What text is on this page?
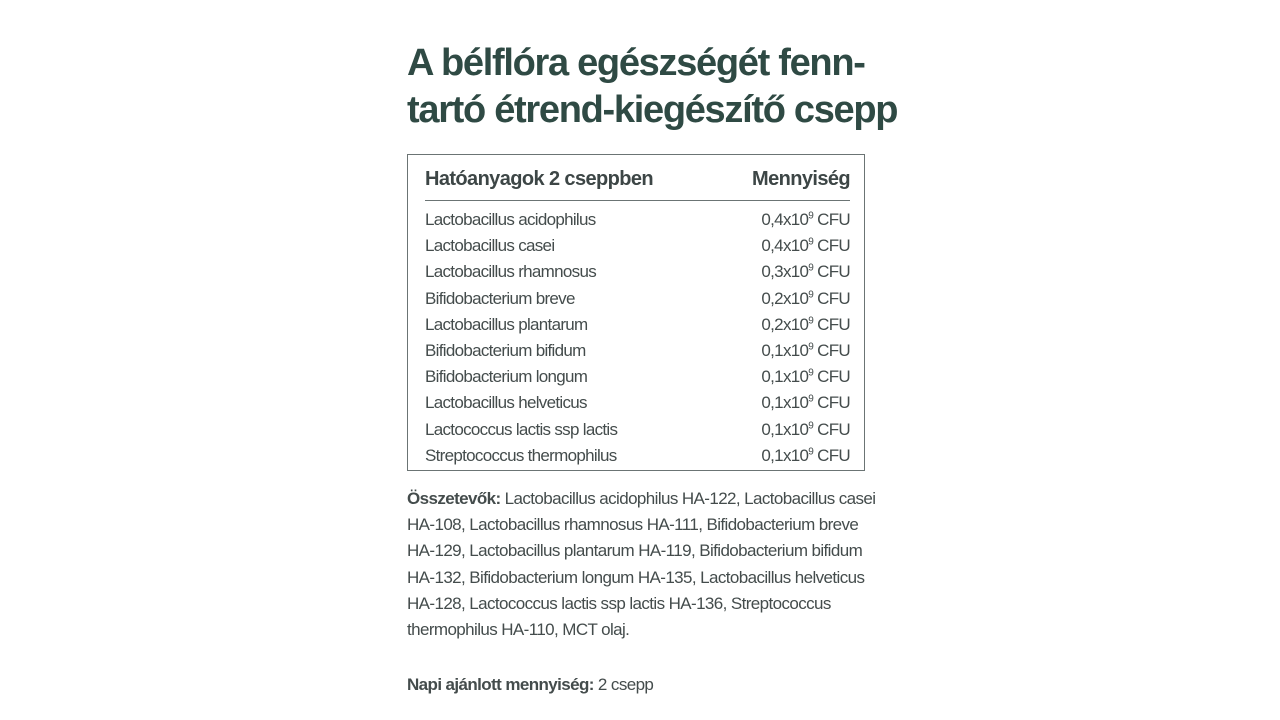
A bélflóra egészségét fenn-
tartó étrend-kiegészítő csepp
Hatóanyagok 2 cseppben	Mennyiség
Lactobacillus acidophilus	$0,4x10^9$ CFU
Lactobacillus casei	$0,4x10^9$ CFU
Lactobacillus rhamnosus	$0,3x10^9$ CFU
Bifidobacterium breve	$0,2x10^9$ CFU
Lactobacillus plantarum	$0,2x10^9$ CFU
Bifidobacterium bifidum	$0,1x10^9$ CFU
Bifidobacterium longum	$0,1x10^9$ CFU
Lactobacillus helveticus	$0,1x10^9$ CFU
Lactococcus lactis ssp lactis	$0,1x10^9$ CFU
Streptococcus thermophilus	$0,1x10^9$ CFU

Összetevők: Lactobacillus acidophilus HA-122, Lactobacillus casei HA-108, Lactobacillus rhamnosus HA-111, Bifidobacterium breve HA-129, Lactobacillus plantarum HA-119, Bifidobacterium bifidum HA-132, Bifidobacterium longum HA-135, Lactobacillus helveticus HA-128, Lactococcus lactis ssp lactis HA-136, Streptococcus thermophilus HA-110, MCT olaj.

Napi ajánlott mennyiség: 2 csepp
